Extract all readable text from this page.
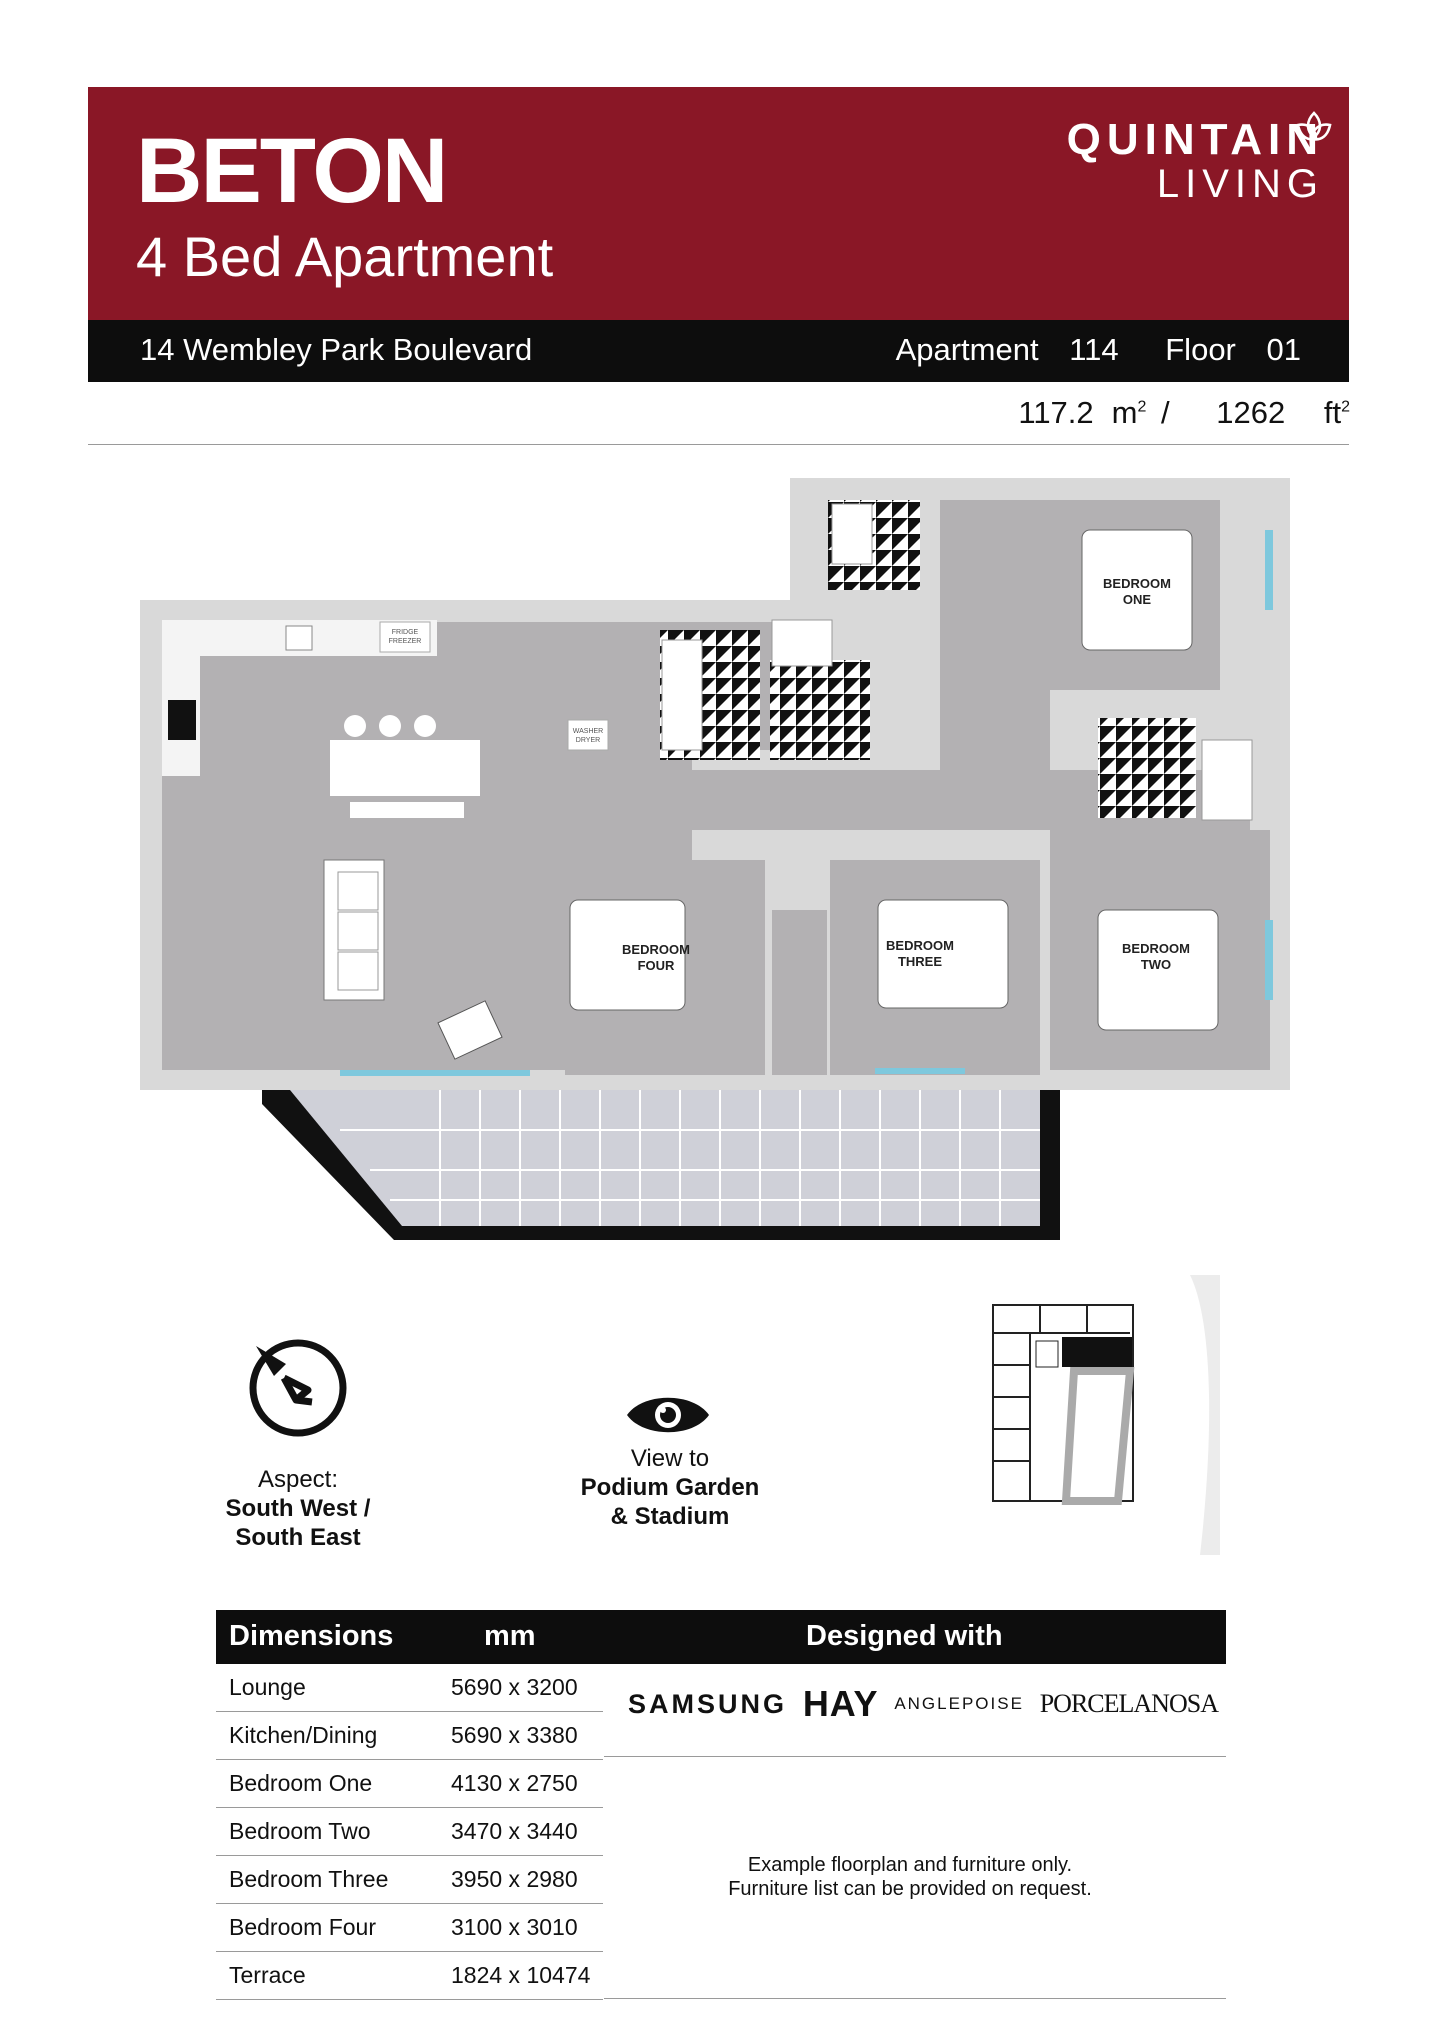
BETON
4 Bed Apartment
QUINTAIN
LIVING
14 Wembley Park Boulevard	Apartment 114 Floor 01
117.2 $m^2 / 1262$ $ft^2$
FRIDGE
FREEZER
WASHER
DRYER
BEDROOM
ONE
BEDROOM
FOUR
BEDROOM
THREE
BEDROOM
TWO
Aspect:
South West /
South East
View to
Podium Garden
& Stadium
STADIUM
Dimensions	mm	Designed with
Lounge	5690 x 3200
Kitchen/Dining	5690 x 3380
Bedroom One	4130 x 2750
Bedroom Two	3470 x 3440
Bedroom Three	3950 x 2980
Bedroom Four	3100 x 3010
Terrace	1824 x 10474
SAMSUNG HAY ANGLEPOISE PORCELANOSA
Example floorplan and furniture only.
Furniture list can be provided on request.
